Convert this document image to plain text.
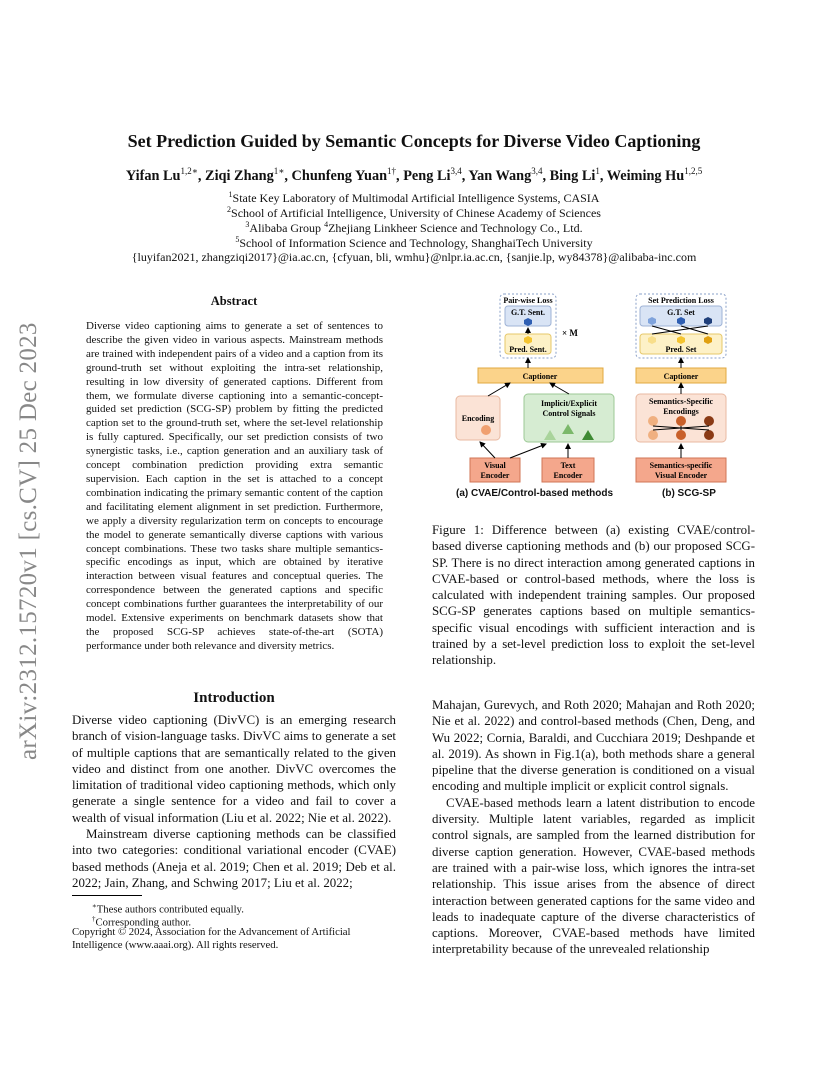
arXiv:2312.15720v1 [cs.CV] 25 Dec 2023
Set Prediction Guided by Semantic Concepts for Diverse Video Captioning
Yifan $Lu^{1,2∗}$, Ziqi Zhang$^{1∗}$, Chunfeng Yuan$^{1\dagger}$, Peng Li$^{3,4}$, Yan Wang$^{3,4}$, Bing Li$^1$, Weiming Hu$^{1,2,5}$
$^1$State Key Laboratory of Multimodal Artificial Intelligence Systems, CASIA
$^2$School of Artificial Intelligence, University of Chinese Academy of Sciences
$^3$Alibaba Group $^4$Zhejiang Linkheer Science and Technology Co., Ltd.
$^5$School of Information Science and Technology, ShanghaiTech University
{luyifan2021, zhangziqi2017}@ia.ac.cn, {cfyuan, bli, wmhu}@nlpr.ia.ac.cn, {sanjie.lp, wy84378}@alibaba-inc.com
Abstract
Diverse video captioning aims to generate a set of sentences to describe the given video in various aspects. Mainstream methods are trained with independent pairs of a video and a caption from its ground-truth set without exploiting the intra-set relationship, resulting in low diversity of generated captions. Different from them, we formulate diverse captioning into a semantic-concept-guided set prediction (SCG-SP) problem by fitting the predicted caption set to the ground-truth set, where the set-level relationship is fully captured. Specifically, our set prediction consists of two synergistic tasks, i.e., caption generation and an auxiliary task of concept combination prediction providing extra semantic supervision. Each caption in the set is attached to a concept combination indicating the primary semantic content of the caption and facilitating element alignment in set prediction. Furthermore, we apply a diversity regularization term on concepts to encourage the model to generate semantically diverse captions with various concept combinations. These two tasks share multiple semantics-specific encodings as input, which are obtained by iterative interaction between visual features and conceptual queries. The correspondence between the generated captions and specific concept combinations further guarantees the interpretability of our model. Extensive experiments on benchmark datasets show that the proposed SCG-SP achieves state-of-the-art (SOTA) performance under both relevance and diversity metrics.
Introduction

Diverse video captioning (DivVC) is an emerging research branch of vision-language tasks. DivVC aims to generate a set of multiple captions that are semantically related to the given video and distinct from one another. DivVC overcomes the limitation of traditional video captioning methods, which only generate a single sentence for a video and fail to cover a wealth of visual information (Liu et al. 2022; Nie et al. 2022).

Mainstream diverse captioning methods can be classified into two categories: conditional variational encoder (CVAE) based methods (Aneja et al. 2019; Chen et al. 2019; Deb et al. 2022; Jain, Zhang, and Schwing 2017; Liu et al. 2022;

∗These authors contributed equally.
†Corresponding author.
Copyright © 2024, Association for the Advancement of Artificial Intelligence (www.aaai.org). All rights reserved.
Pair-wise Loss
G.T. Sent.
Pred. Sent.
× M
Captioner
Encoding
Implicit/Explicit
Control Signals
Visual
Encoder
Text
Encoder
Set Prediction Loss
G.T. Set
Pred. Set
Captioner
Semantics-Specific
Encodings
Semantics-specific
Visual Encoder
(a) CVAE/Control-based methods	(b) SCG-SP
Figure 1: Difference between (a) existing CVAE/control-based diverse captioning methods and (b) our proposed SCG-SP. There is no direct interaction among generated captions in CVAE-based or control-based methods, where the loss is calculated with independent training samples. Our proposed SCG-SP generates captions based on multiple semantics-specific visual encodings with sufficient interaction and is trained by a set-level prediction loss to exploit the set-level relationship.

Mahajan, Gurevych, and Roth 2020; Mahajan and Roth 2020; Nie et al. 2022) and control-based methods (Chen, Deng, and Wu 2022; Cornia, Baraldi, and Cucchiara 2019; Deshpande et al. 2019). As shown in Fig.1(a), both methods share a general pipeline that the diverse generation is conditioned on a visual encoding and multiple implicit or explicit control signals.

CVAE-based methods learn a latent distribution to encode diversity. Multiple latent variables, regarded as implicit control signals, are sampled from the learned distribution for diverse caption generation. However, CVAE-based methods are trained with a pair-wise loss, which ignores the intra-set relationship. This issue arises from the absence of direct interaction between generated captions for the same video and leads to inadequate capture of the diverse characteristics of captions. Moreover, CVAE-based methods have limited interpretability because of the unrevealed relationship
